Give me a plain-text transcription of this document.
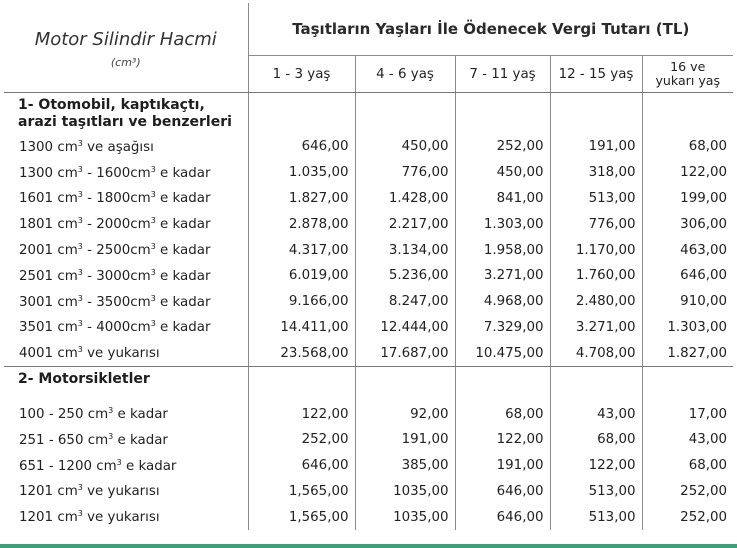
Motor Silindir Hacmi
(cm³)	Taşıtların Yaşları İle Ödenecek Vergi Tutarı (TL)				
	1 - 3 yaş	4 - 6 yaş	7 - 11 yaş	12 - 15 yaş	16 ve
yukarı yaş
1- Otomobil, kaptıkaçtı,
arazi taşıtları ve benzerleri					
1300 $cm^3$ ve aşağısı	646,00	450,00	252,00	191,00	68,00
1300 $cm^3 - 1600cm^3$ e kadar	1.035,00	776,00	450,00	318,00	122,00
1601 $cm^3 - 1800cm^3$ e kadar	1.827,00	1.428,00	841,00	513,00	199,00
1801 $cm^3 - 2000cm^3$ e kadar	2.878,00	2.217,00	1.303,00	776,00	306,00
2001 $cm^3 - 2500cm^3$ e kadar	4.317,00	3.134,00	1.958,00	1.170,00	463,00
2501 $cm^3 - 3000cm^3$ e kadar	6.019,00	5.236,00	3.271,00	1.760,00	646,00
3001 $cm^3 - 3500cm^3$ e kadar	9.166,00	8.247,00	4.968,00	2.480,00	910,00
3501 $cm^3 - 4000cm^3$ e kadar	14.411,00	12.444,00	7.329,00	3.271,00	1.303,00
4001 $cm^3$ ve yukarısı	23.568,00	17.687,00	10.475,00	4.708,00	1.827,00
2- Motorsikletler					
100 - 250 $cm^3$ e kadar	122,00	92,00	68,00	43,00	17,00
251 - 650 $cm^3$ e kadar	252,00	191,00	122,00	68,00	43,00
651 - 1200 $cm^3$ e kadar	646,00	385,00	191,00	122,00	68,00
1201 $cm^3$ ve yukarısı	1,565,00	1035,00	646,00	513,00	252,00
1201 $cm^3$ ve yukarısı	1,565,00	1035,00	646,00	513,00	252,00
